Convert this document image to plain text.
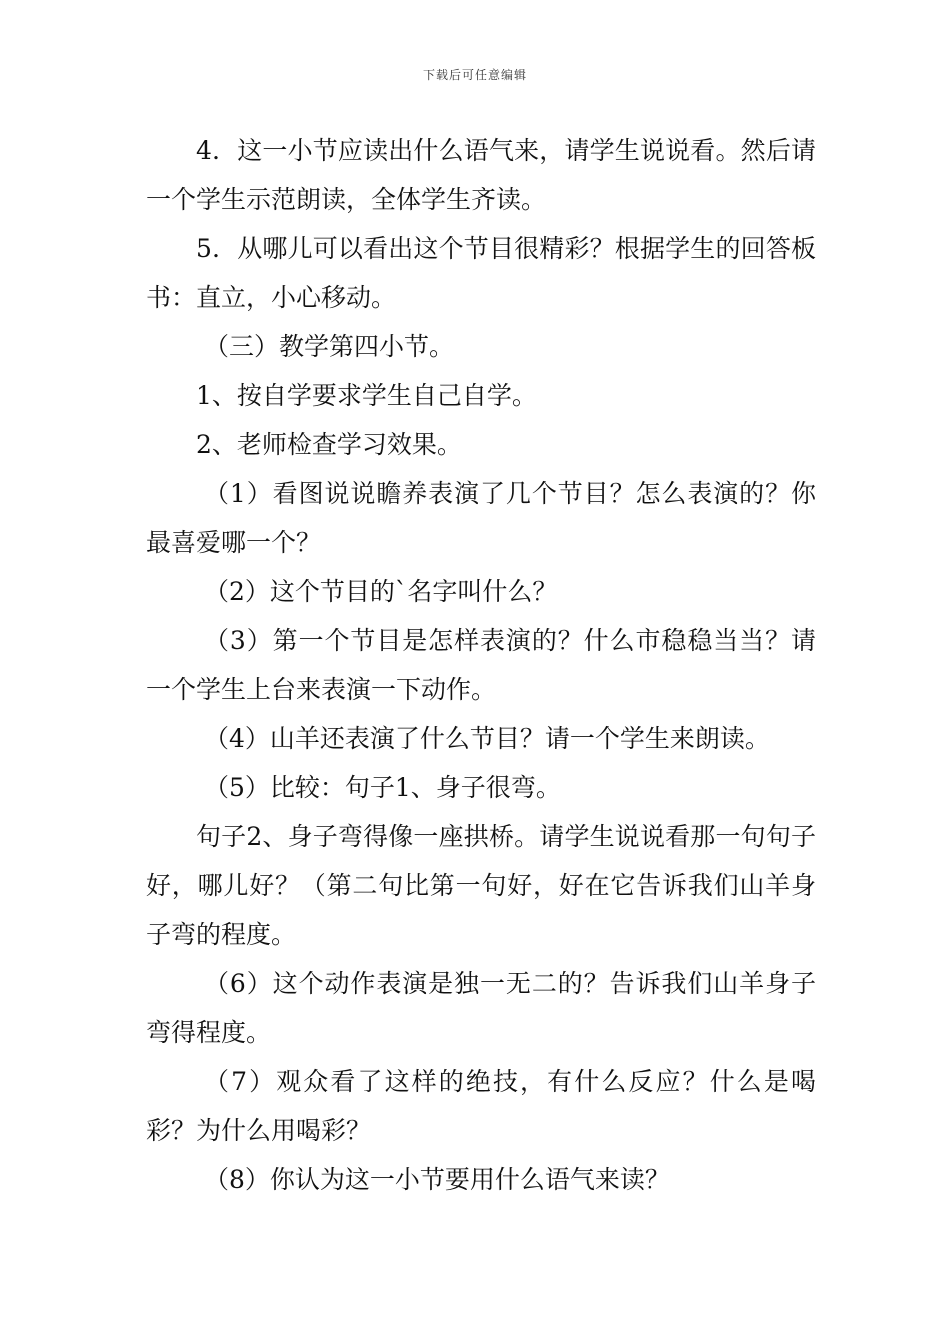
下载后可任意编辑

4．这一小节应读出什么语气来，请学生说说看。然后请一个学生示范朗读，全体学生齐读。

5．从哪儿可以看出这个节目很精彩？根据学生的回答板书：直立，小心移动。

（三）教学第四小节。

1、按自学要求学生自己自学。

2、老师检查学习效果。

（1）看图说说瞻养表演了几个节目？怎么表演的？你最喜爱哪一个？

（2）这个节目的`名字叫什么？

（3）第一个节目是怎样表演的？什么市稳稳当当？请一个学生上台来表演一下动作。

（4）山羊还表演了什么节目？请一个学生来朗读。

（5）比较：句子1、身子很弯。

句子2、身子弯得像一座拱桥。请学生说说看那一句句子好，哪儿好？（第二句比第一句好，好在它告诉我们山羊身子弯的程度。

（6）这个动作表演是独一无二的？告诉我们山羊身子弯得程度。

（7）观众看了这样的绝技，有什么反应？什么是喝彩？为什么用喝彩？

（8）你认为这一小节要用什么语气来读？
